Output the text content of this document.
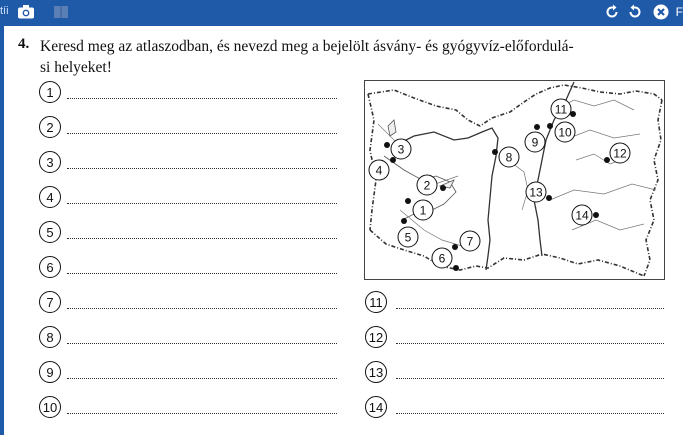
tíi	F
4. Keresd meg az atlaszodban, és nevezd meg a bejelölt ásvány- és gyógyvíz-előfordulá-
si helyeket!
1
2
3
4
5
6
7
8
9
10
11
12
13
14
1
2
3
4
5
6
7
8
9
10
11
12
13
14
